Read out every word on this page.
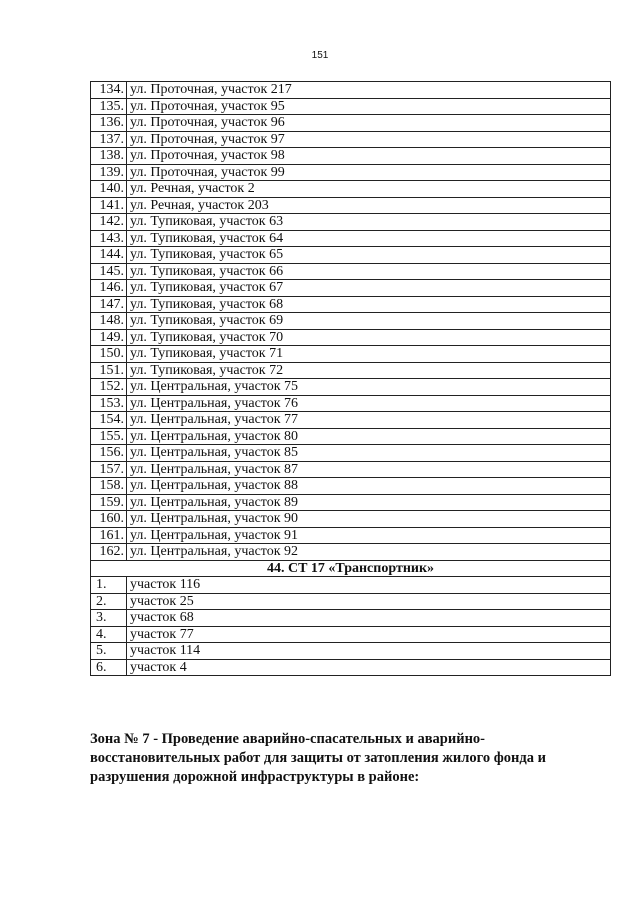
151
134.	ул. Проточная, участок 217
135.	ул. Проточная, участок 95
136.	ул. Проточная, участок 96
137.	ул. Проточная, участок 97
138.	ул. Проточная, участок 98
139.	ул. Проточная, участок 99
140.	ул. Речная, участок 2
141.	ул. Речная, участок 203
142.	ул. Тупиковая, участок 63
143.	ул. Тупиковая, участок 64
144.	ул. Тупиковая, участок 65
145.	ул. Тупиковая, участок 66
146.	ул. Тупиковая, участок 67
147.	ул. Тупиковая, участок 68
148.	ул. Тупиковая, участок 69
149.	ул. Тупиковая, участок 70
150.	ул. Тупиковая, участок 71
151.	ул. Тупиковая, участок 72
152.	ул. Центральная, участок 75
153.	ул. Центральная, участок 76
154.	ул. Центральная, участок 77
155.	ул. Центральная, участок 80
156.	ул. Центральная, участок 85
157.	ул. Центральная, участок 87
158.	ул. Центральная, участок 88
159.	ул. Центральная, участок 89
160.	ул. Центральная, участок 90
161.	ул. Центральная, участок 91
162.	ул. Центральная, участок 92
44. СТ 17 «Транспортник»	
1.	участок 116
2.	участок 25
3.	участок 68
4.	участок 77
5.	участок 114
6.	участок 4

Зона № 7 - Проведение аварийно-спасательных и аварийно-восстановительных работ для защиты от затопления жилого фонда и разрушения дорожной инфраструктуры в районе:
